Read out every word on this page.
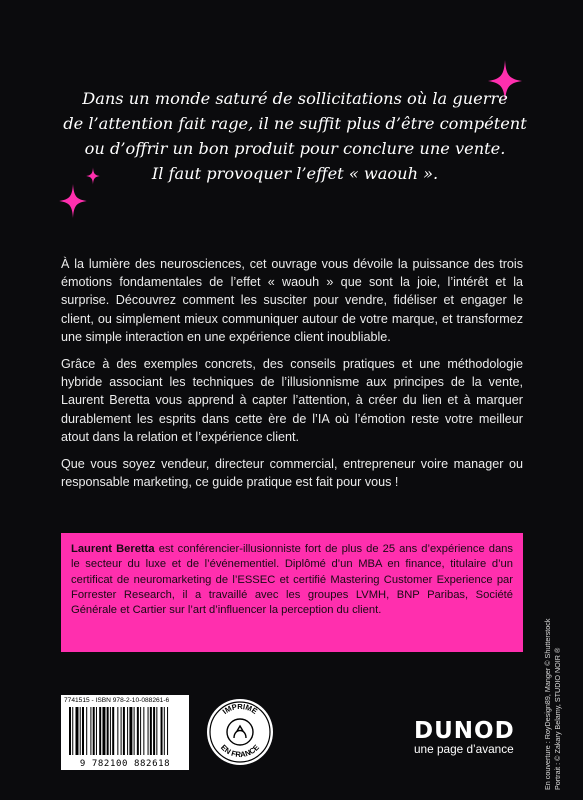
Dans un monde saturé de sollicitations où la guerre
de l’attention fait rage, il ne suffit plus d’être compétent
ou d’offrir un bon produit pour conclure une vente.
Il faut provoquer l’effet « waouh ».

À la lumière des neurosciences, cet ouvrage vous dévoile la puissance des trois émotions fondamentales de l’effet « waouh » que sont la joie, l’intérêt et la surprise. Découvrez comment les susciter pour vendre, fidéliser et engager le client, ou simplement mieux communiquer autour de votre marque, et transformez une simple interaction en une expérience client inoubliable.

Grâce à des exemples concrets, des conseils pratiques et une méthodologie hybride associant les techniques de l’illusionnisme aux principes de la vente, Laurent Beretta vous apprend à capter l’attention, à créer du lien et à marquer durablement les esprits dans cette ère de l’IA où l’émotion reste votre meilleur atout dans la relation et l’expérience client.

Que vous soyez vendeur, directeur commercial, entrepreneur voire manager ou responsable marketing, ce guide pratique est fait pour vous !

Laurent Beretta est conférencier-illusionniste fort de plus de 25 ans d’expérience dans le secteur du luxe et de l’événementiel. Diplômé d’un MBA en finance, titulaire d’un certificat de neuromarketing de l’ESSEC et certifié Mastering Customer Experience par Forrester Research, il a travaillé avec les groupes LVMH, BNP Paribas, Société Générale et Cartier sur l’art d’influencer la perception du client.
7741515 - ISBN 978-2-10-088261-6
9 782100 882618
IMPRIMÉ
EN FRANCE
DUNOD
une page d’avance	En couverture : RoyDesign89, Manger © Shutterstock Portrait : © Zakary Belamy, STUDIO NOIR ®
